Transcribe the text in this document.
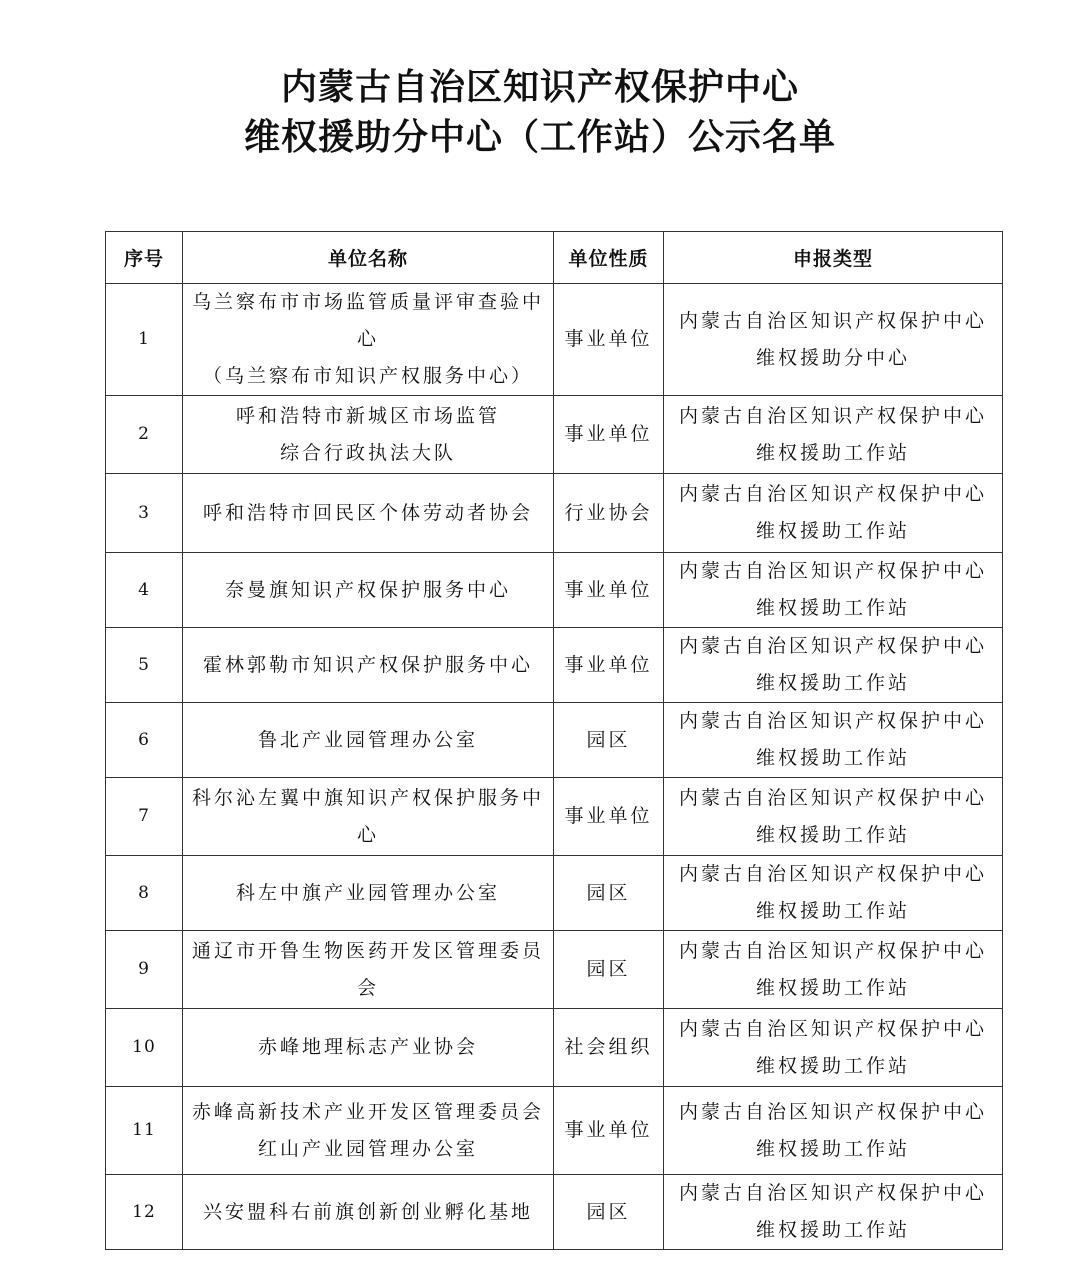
内蒙古自治区知识产权保护中心
维权援助分中心（工作站）公示名单
序号	单位名称	单位性质	申报类型
1	乌兰察布市市场监管质量评审查验中心
（乌兰察布市知识产权服务中心）	事业单位	内蒙古自治区知识产权保护中心
维权援助分中心

2	呼和浩特市新城区市场监管
综合行政执法大队	事业单位	内蒙古自治区知识产权保护中心
维权援助工作站

3	呼和浩特市回民区个体劳动者协会	行业协会	内蒙古自治区知识产权保护中心
维权援助工作站

4	奈曼旗知识产权保护服务中心	事业单位	内蒙古自治区知识产权保护中心
维权援助工作站

5	霍林郭勒市知识产权保护服务中心	事业单位	内蒙古自治区知识产权保护中心
维权援助工作站

6	鲁北产业园管理办公室	园区	内蒙古自治区知识产权保护中心
维权援助工作站

7	科尔沁左翼中旗知识产权保护服务中心	事业单位	内蒙古自治区知识产权保护中心
维权援助工作站

8	科左中旗产业园管理办公室	园区	内蒙古自治区知识产权保护中心
维权援助工作站

9	通辽市开鲁生物医药开发区管理委员会	园区	内蒙古自治区知识产权保护中心
维权援助工作站

10	赤峰地理标志产业协会	社会组织	内蒙古自治区知识产权保护中心
维权援助工作站

11	赤峰高新技术产业开发区管理委员会
红山产业园管理办公室	事业单位	内蒙古自治区知识产权保护中心
维权援助工作站

12	兴安盟科右前旗创新创业孵化基地	园区	内蒙古自治区知识产权保护中心
维权援助工作站
